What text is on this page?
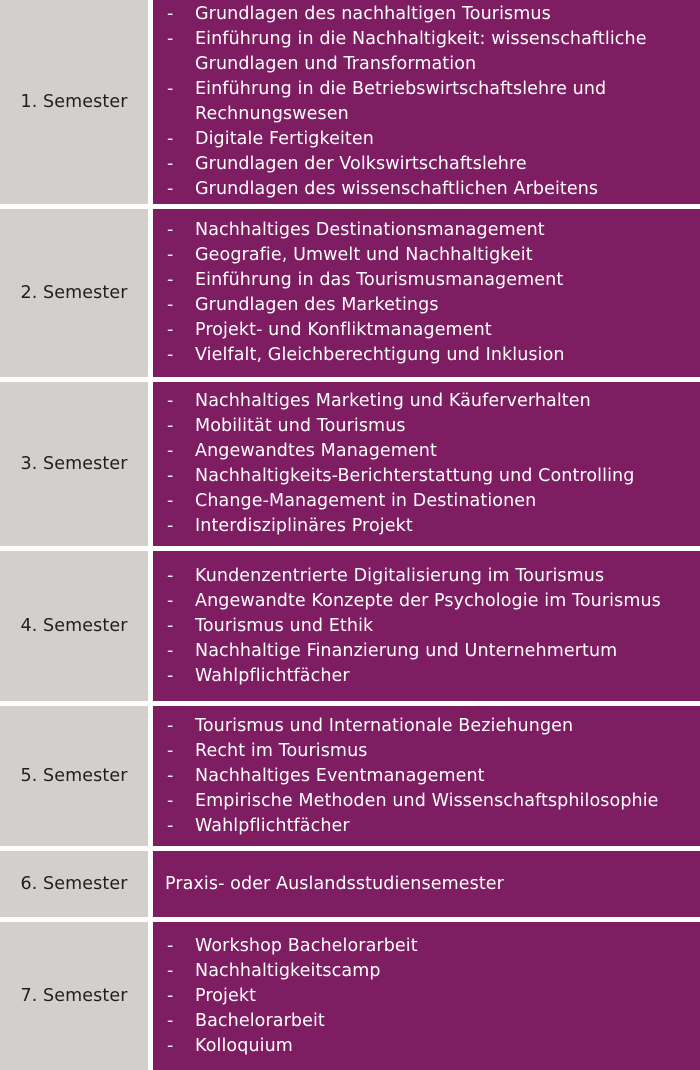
1. Semester
- Grundlagen des nachhaltigen Tourismus
- Einführung in die Nachhaltigkeit: wissenschaftliche
Grundlagen und Transformation
- Einführung in die Betriebswirtschaftslehre und
Rechnungswesen
- Digitale Fertigkeiten
- Grundlagen der Volkswirtschaftslehre
- Grundlagen des wissenschaftlichen Arbeitens
2. Semester
- Nachhaltiges Destinationsmanagement
- Geografie, Umwelt und Nachhaltigkeit
- Einführung in das Tourismusmanagement
- Grundlagen des Marketings
- Projekt- und Konfliktmanagement
- Vielfalt, Gleichberechtigung und Inklusion
3. Semester
- Nachhaltiges Marketing und Käuferverhalten
- Mobilität und Tourismus
- Angewandtes Management
- Nachhaltigkeits-Berichterstattung und Controlling
- Change-Management in Destinationen
- Interdisziplinäres Projekt
4. Semester
- Kundenzentrierte Digitalisierung im Tourismus
- Angewandte Konzepte der Psychologie im Tourismus
- Tourismus und Ethik
- Nachhaltige Finanzierung und Unternehmertum
- Wahlpflichtfächer
5. Semester
- Tourismus und Internationale Beziehungen
- Recht im Tourismus
- Nachhaltiges Eventmanagement
- Empirische Methoden und Wissenschaftsphilosophie
- Wahlpflichtfächer
6. Semester	Praxis- oder Auslandsstudiensemester
7. Semester
- Workshop Bachelorarbeit
- Nachhaltigkeitscamp
- Projekt
- Bachelorarbeit
- Kolloquium
